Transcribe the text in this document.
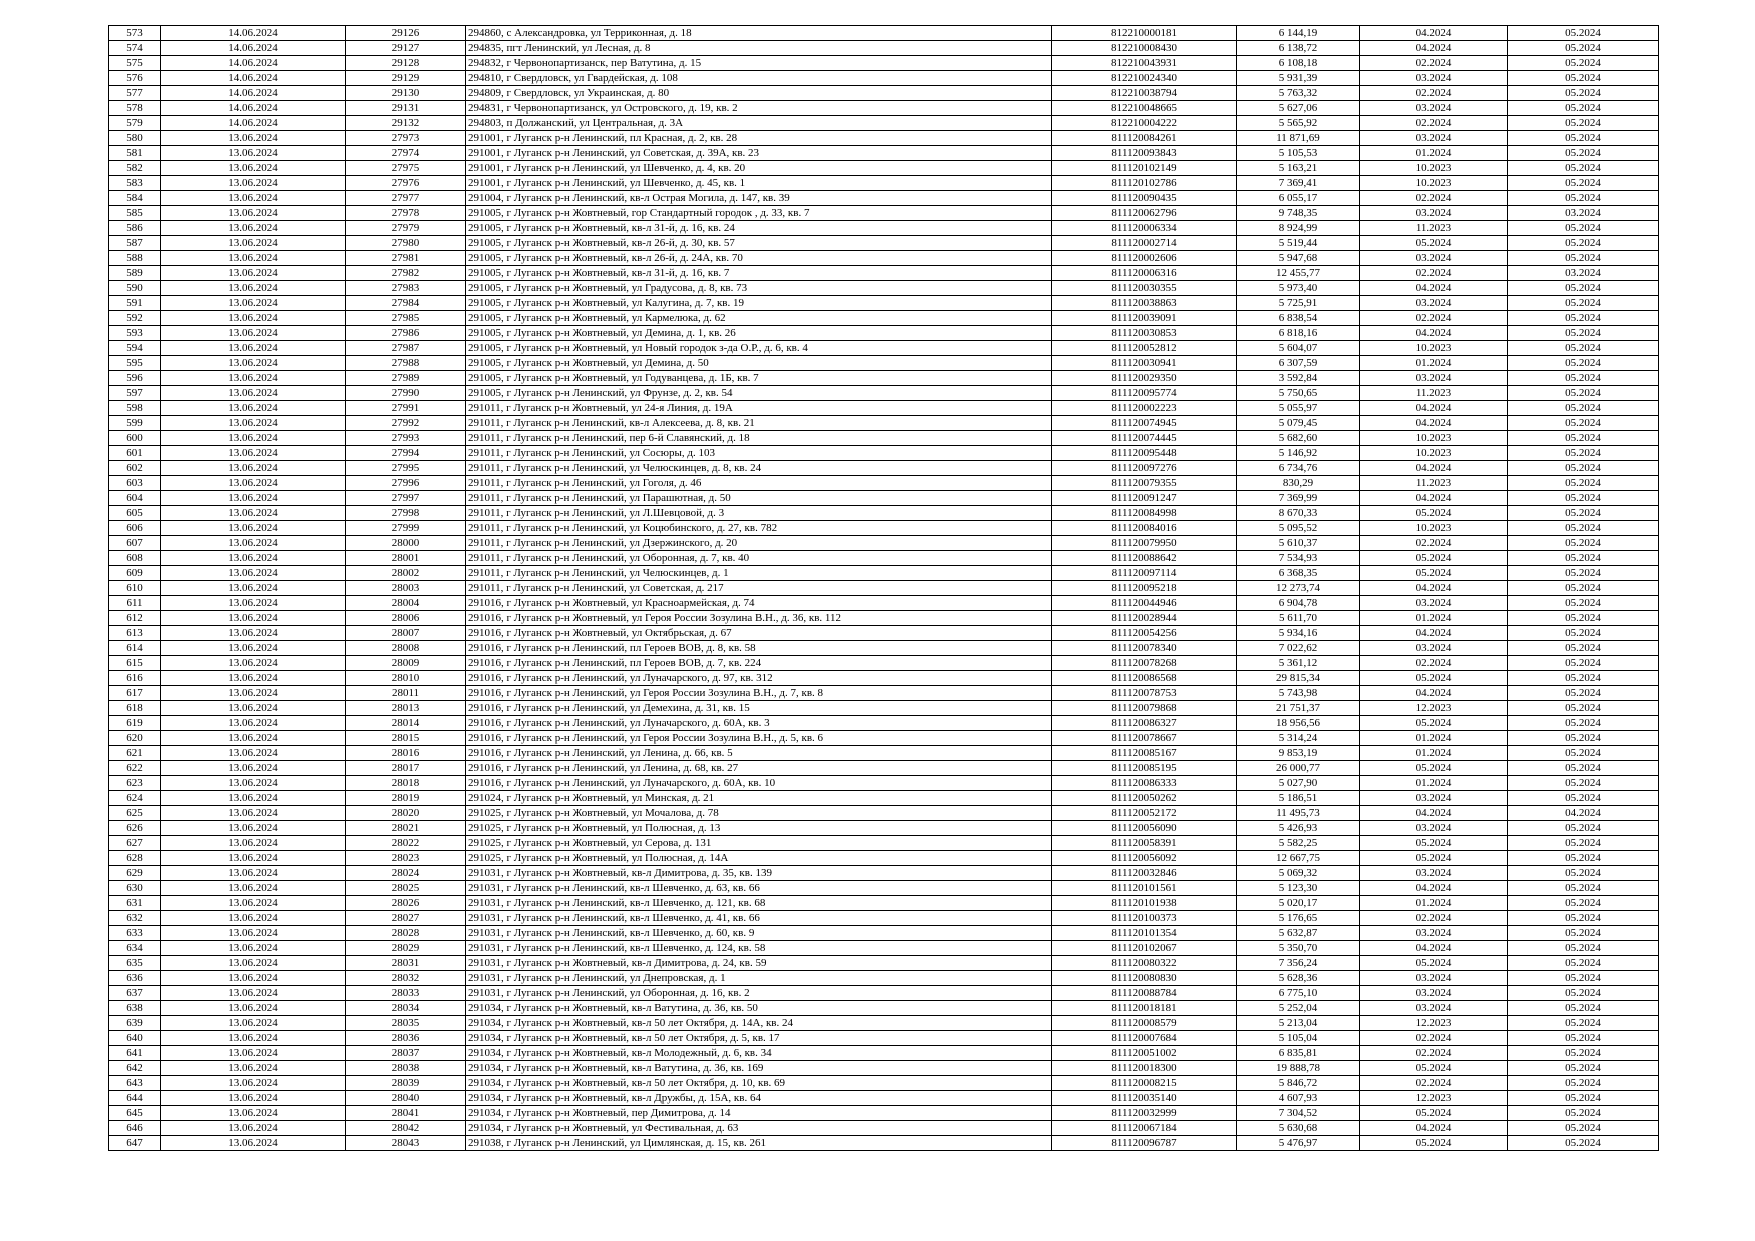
573	14.06.2024	29126	294860, с Александровка, ул Терриконная, д. 18	812210000181	6 144,19	04.2024	05.2024
574	14.06.2024	29127	294835, пгт Ленинский, ул Лесная, д. 8	812210008430	6 138,72	04.2024	05.2024
575	14.06.2024	29128	294832, г Червонопартизанск, пер Ватутина, д. 15	812210043931	6 108,18	02.2024	05.2024
576	14.06.2024	29129	294810, г Свердловск, ул Гвардейская, д. 108	812210024340	5 931,39	03.2024	05.2024
577	14.06.2024	29130	294809, г Свердловск, ул Украинская, д. 80	812210038794	5 763,32	02.2024	05.2024
578	14.06.2024	29131	294831, г Червонопартизанск, ул Островского, д. 19, кв. 2	812210048665	5 627,06	03.2024	05.2024
579	14.06.2024	29132	294803, п Должанский, ул Центральная, д. 3А	812210004222	5 565,92	02.2024	05.2024
580	13.06.2024	27973	291001, г Луганск р-н Ленинский, пл Красная, д. 2, кв. 28	811120084261	11 871,69	03.2024	05.2024
581	13.06.2024	27974	291001, г Луганск р-н Ленинский, ул Советская, д. 39А, кв. 23	811120093843	5 105,53	01.2024	05.2024
582	13.06.2024	27975	291001, г Луганск р-н Ленинский, ул Шевченко, д. 4, кв. 20	811120102149	5 163,21	10.2023	05.2024
583	13.06.2024	27976	291001, г Луганск р-н Ленинский, ул Шевченко, д. 45, кв. 1	811120102786	7 369,41	10.2023	05.2024
584	13.06.2024	27977	291004, г Луганск р-н Ленинский, кв-л Острая Могила, д. 147, кв. 39	811120090435	6 055,17	02.2024	05.2024
585	13.06.2024	27978	291005, г Луганск р-н Жовтневый, гор Стандартный городок , д. 33, кв. 7	811120062796	9 748,35	03.2024	03.2024
586	13.06.2024	27979	291005, г Луганск р-н Жовтневый, кв-л 31-й, д. 16, кв. 24	811120006334	8 924,99	11.2023	05.2024
587	13.06.2024	27980	291005, г Луганск р-н Жовтневый, кв-л 26-й, д. 30, кв. 57	811120002714	5 519,44	05.2024	05.2024
588	13.06.2024	27981	291005, г Луганск р-н Жовтневый, кв-л 26-й, д. 24А, кв. 70	811120002606	5 947,68	03.2024	05.2024
589	13.06.2024	27982	291005, г Луганск р-н Жовтневый, кв-л 31-й, д. 16, кв. 7	811120006316	12 455,77	02.2024	03.2024
590	13.06.2024	27983	291005, г Луганск р-н Жовтневый, ул Градусова, д. 8, кв. 73	811120030355	5 973,40	04.2024	05.2024
591	13.06.2024	27984	291005, г Луганск р-н Жовтневый, ул Калугина, д. 7, кв. 19	811120038863	5 725,91	03.2024	05.2024
592	13.06.2024	27985	291005, г Луганск р-н Жовтневый, ул Кармелюка, д. 62	811120039091	6 838,54	02.2024	05.2024
593	13.06.2024	27986	291005, г Луганск р-н Жовтневый, ул Демина, д. 1, кв. 26	811120030853	6 818,16	04.2024	05.2024
594	13.06.2024	27987	291005, г Луганск р-н Жовтневый, ул Новый городок з-да О.Р., д. 6, кв. 4	811120052812	5 604,07	10.2023	05.2024
595	13.06.2024	27988	291005, г Луганск р-н Жовтневый, ул Демина, д. 50	811120030941	6 307,59	01.2024	05.2024
596	13.06.2024	27989	291005, г Луганск р-н Жовтневый, ул Годуванцева, д. 1Б, кв. 7	811120029350	3 592,84	03.2024	05.2024
597	13.06.2024	27990	291005, г Луганск р-н Ленинский, ул Фрунзе, д. 2, кв. 54	811120095774	5 750,65	11.2023	05.2024
598	13.06.2024	27991	291011, г Луганск р-н Жовтневый, ул 24-я Линия, д. 19А	811120002223	5 055,97	04.2024	05.2024
599	13.06.2024	27992	291011, г Луганск р-н Ленинский, кв-л Алексеева, д. 8, кв. 21	811120074945	5 079,45	04.2024	05.2024
600	13.06.2024	27993	291011, г Луганск р-н Ленинский, пер 6-й Славянский, д. 18	811120074445	5 682,60	10.2023	05.2024
601	13.06.2024	27994	291011, г Луганск р-н Ленинский, ул Сосюры, д. 103	811120095448	5 146,92	10.2023	05.2024
602	13.06.2024	27995	291011, г Луганск р-н Ленинский, ул Челюскинцев, д. 8, кв. 24	811120097276	6 734,76	04.2024	05.2024
603	13.06.2024	27996	291011, г Луганск р-н Ленинский, ул Гоголя, д. 46	811120079355	830,29	11.2023	05.2024
604	13.06.2024	27997	291011, г Луганск р-н Ленинский, ул Парашютная, д. 50	811120091247	7 369,99	04.2024	05.2024
605	13.06.2024	27998	291011, г Луганск р-н Ленинский, ул Л.Шевцовой, д. 3	811120084998	8 670,33	05.2024	05.2024
606	13.06.2024	27999	291011, г Луганск р-н Ленинский, ул Коцюбинского, д. 27, кв. 782	811120084016	5 095,52	10.2023	05.2024
607	13.06.2024	28000	291011, г Луганск р-н Ленинский, ул Дзержинского, д. 20	811120079950	5 610,37	02.2024	05.2024
608	13.06.2024	28001	291011, г Луганск р-н Ленинский, ул Оборонная, д. 7, кв. 40	811120088642	7 534,93	05.2024	05.2024
609	13.06.2024	28002	291011, г Луганск р-н Ленинский, ул Челюскинцев, д. 1	811120097114	6 368,35	05.2024	05.2024
610	13.06.2024	28003	291011, г Луганск р-н Ленинский, ул Советская, д. 217	811120095218	12 273,74	04.2024	05.2024
611	13.06.2024	28004	291016, г Луганск р-н Жовтневый, ул Красноармейская, д. 74	811120044946	6 904,78	03.2024	05.2024
612	13.06.2024	28006	291016, г Луганск р-н Жовтневый, ул Героя России Зозулина В.Н., д. 36, кв. 112	811120028944	5 611,70	01.2024	05.2024
613	13.06.2024	28007	291016, г Луганск р-н Жовтневый, ул Октябрьская, д. 67	811120054256	5 934,16	04.2024	05.2024
614	13.06.2024	28008	291016, г Луганск р-н Ленинский, пл Героев ВОВ, д. 8, кв. 58	811120078340	7 022,62	03.2024	05.2024
615	13.06.2024	28009	291016, г Луганск р-н Ленинский, пл Героев ВОВ, д. 7, кв. 224	811120078268	5 361,12	02.2024	05.2024
616	13.06.2024	28010	291016, г Луганск р-н Ленинский, ул Луначарского, д. 97, кв. 312	811120086568	29 815,34	05.2024	05.2024
617	13.06.2024	28011	291016, г Луганск р-н Ленинский, ул Героя России Зозулина В.Н., д. 7, кв. 8	811120078753	5 743,98	04.2024	05.2024
618	13.06.2024	28013	291016, г Луганск р-н Ленинский, ул Демехина, д. 31, кв. 15	811120079868	21 751,37	12.2023	05.2024
619	13.06.2024	28014	291016, г Луганск р-н Ленинский, ул Луначарского, д. 60А, кв. 3	811120086327	18 956,56	05.2024	05.2024
620	13.06.2024	28015	291016, г Луганск р-н Ленинский, ул Героя России Зозулина В.Н., д. 5, кв. 6	811120078667	5 314,24	01.2024	05.2024
621	13.06.2024	28016	291016, г Луганск р-н Ленинский, ул Ленина, д. 66, кв. 5	811120085167	9 853,19	01.2024	05.2024
622	13.06.2024	28017	291016, г Луганск р-н Ленинский, ул Ленина, д. 68, кв. 27	811120085195	26 000,77	05.2024	05.2024
623	13.06.2024	28018	291016, г Луганск р-н Ленинский, ул Луначарского, д. 60А, кв. 10	811120086333	5 027,90	01.2024	05.2024
624	13.06.2024	28019	291024, г Луганск р-н Жовтневый, ул Минская, д. 21	811120050262	5 186,51	03.2024	05.2024
625	13.06.2024	28020	291025, г Луганск р-н Жовтневый, ул Мочалова, д. 78	811120052172	11 495,73	04.2024	04.2024
626	13.06.2024	28021	291025, г Луганск р-н Жовтневый, ул Полюсная, д. 13	811120056090	5 426,93	03.2024	05.2024
627	13.06.2024	28022	291025, г Луганск р-н Жовтневый, ул Серова, д. 131	811120058391	5 582,25	05.2024	05.2024
628	13.06.2024	28023	291025, г Луганск р-н Жовтневый, ул Полюсная, д. 14А	811120056092	12 667,75	05.2024	05.2024
629	13.06.2024	28024	291031, г Луганск р-н Жовтневый, кв-л Димитрова, д. 35, кв. 139	811120032846	5 069,32	03.2024	05.2024
630	13.06.2024	28025	291031, г Луганск р-н Ленинский, кв-л Шевченко, д. 63, кв. 66	811120101561	5 123,30	04.2024	05.2024
631	13.06.2024	28026	291031, г Луганск р-н Ленинский, кв-л Шевченко, д. 121, кв. 68	811120101938	5 020,17	01.2024	05.2024
632	13.06.2024	28027	291031, г Луганск р-н Ленинский, кв-л Шевченко, д. 41, кв. 66	811120100373	5 176,65	02.2024	05.2024
633	13.06.2024	28028	291031, г Луганск р-н Ленинский, кв-л Шевченко, д. 60, кв. 9	811120101354	5 632,87	03.2024	05.2024
634	13.06.2024	28029	291031, г Луганск р-н Ленинский, кв-л Шевченко, д. 124, кв. 58	811120102067	5 350,70	04.2024	05.2024
635	13.06.2024	28031	291031, г Луганск р-н Жовтневый, кв-л Димитрова, д. 24, кв. 59	811120080322	7 356,24	05.2024	05.2024
636	13.06.2024	28032	291031, г Луганск р-н Ленинский, ул Днепровская, д. 1	811120080830	5 628,36	03.2024	05.2024
637	13.06.2024	28033	291031, г Луганск р-н Ленинский, ул Оборонная, д. 16, кв. 2	811120088784	6 775,10	03.2024	05.2024
638	13.06.2024	28034	291034, г Луганск р-н Жовтневый, кв-л Ватутина, д. 36, кв. 50	811120018181	5 252,04	03.2024	05.2024
639	13.06.2024	28035	291034, г Луганск р-н Жовтневый, кв-л 50 лет Октября, д. 14А, кв. 24	811120008579	5 213,04	12.2023	05.2024
640	13.06.2024	28036	291034, г Луганск р-н Жовтневый, кв-л 50 лет Октября, д. 5, кв. 17	811120007684	5 105,04	02.2024	05.2024
641	13.06.2024	28037	291034, г Луганск р-н Жовтневый, кв-л Молодежный, д. 6, кв. 34	811120051002	6 835,81	02.2024	05.2024
642	13.06.2024	28038	291034, г Луганск р-н Жовтневый, кв-л Ватутина, д. 36, кв. 169	811120018300	19 888,78	05.2024	05.2024
643	13.06.2024	28039	291034, г Луганск р-н Жовтневый, кв-л 50 лет Октября, д. 10, кв. 69	811120008215	5 846,72	02.2024	05.2024
644	13.06.2024	28040	291034, г Луганск р-н Жовтневый, кв-л Дружбы, д. 15А, кв. 64	811120035140	4 607,93	12.2023	05.2024
645	13.06.2024	28041	291034, г Луганск р-н Жовтневый, пер Димитрова, д. 14	811120032999	7 304,52	05.2024	05.2024
646	13.06.2024	28042	291034, г Луганск р-н Жовтневый, ул Фестивальная, д. 63	811120067184	5 630,68	04.2024	05.2024
647	13.06.2024	28043	291038, г Луганск р-н Ленинский, ул Цимлянская, д. 15, кв. 261	811120096787	5 476,97	05.2024	05.2024
